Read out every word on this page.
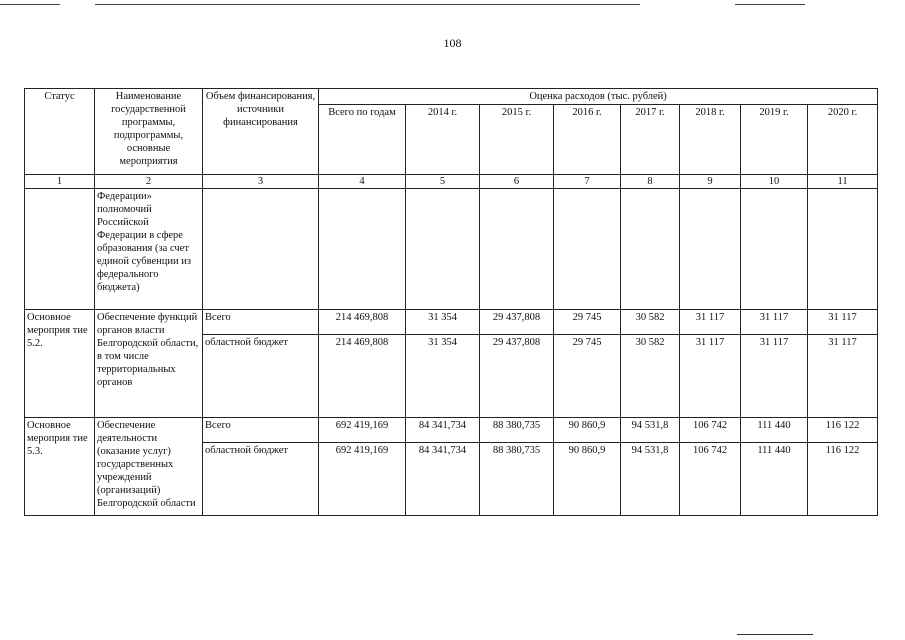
108
Статус	Наименование государственной программы, подпрограммы, основные мероприятия	Объем финансирования, источники финансирования	Оценка расходов (тыс. рублей)							
			Всего по годам	2014 г.	2015 г.	2016 г.	2017 г.	2018 г.	2019 г.	2020 г.
1	2	3	4	5	6	7	8	9	10	11
	Федерации» полномочий Российской Федерации в сфере образования (за счет единой субвенции из федерального бюджета)									
Основное мероприя тие 5.2.	Обеспечение функций органов власти Белгородской области, в том числе территориальных органов	Всего	214 469,808	31 354	29 437,808	29 745	30 582	31 117	31 117	31 117
		областной бюджет	214 469,808	31 354	29 437,808	29 745	30 582	31 117	31 117	31 117
Основное мероприя тие 5.3.	Обеспечение деятельности (оказание услуг) государственных учреждений (организаций) Белгородской области	Всего	692 419,169	84 341,734	88 380,735	90 860,9	94 531,8	106 742	111 440	116 122
		областной бюджет	692 419,169	84 341,734	88 380,735	90 860,9	94 531,8	106 742	111 440	116 122
